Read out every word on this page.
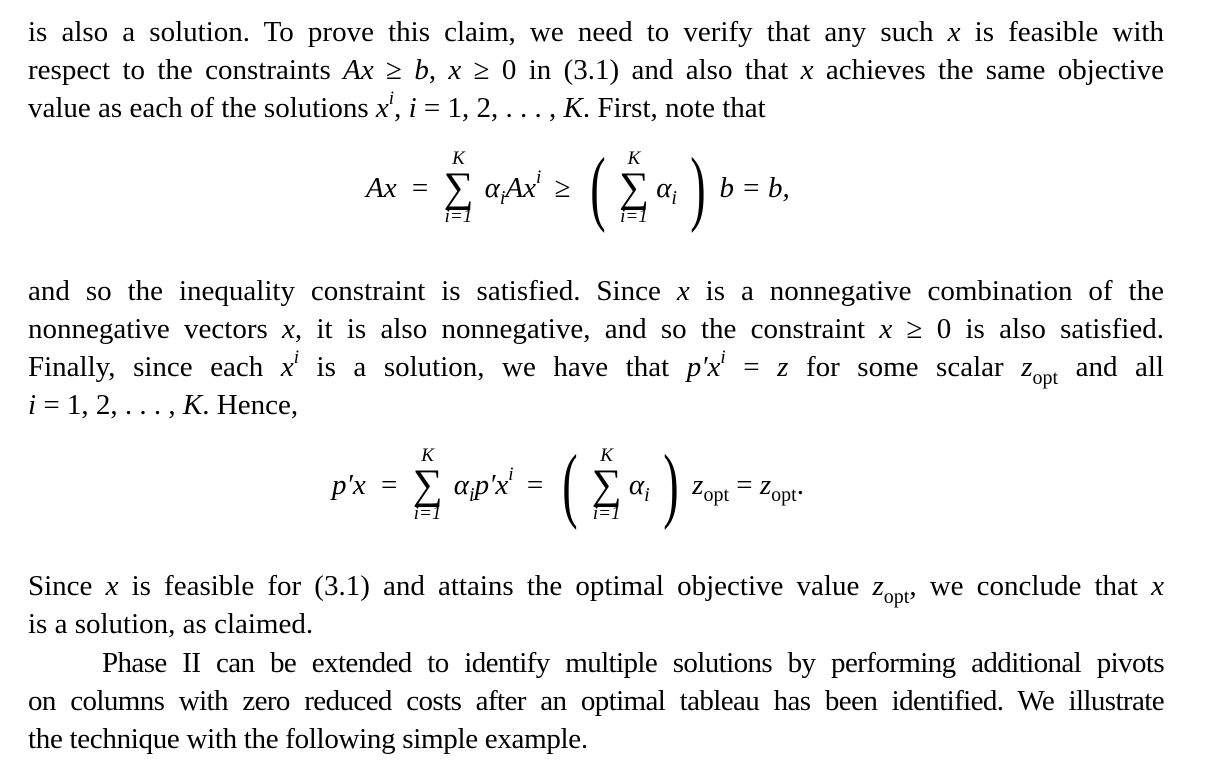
is also a solution. To prove this claim, we need to verify that any such x is feasible with
respect to the constraints Ax ≥ b, x ≥ 0 in (3.1) and also that x achieves the same objective
value as each of the solutions $x^i$, i = 1, 2, . . . , K. First, note that
Ax =
K
∑
i=1
$\alpha_iAx^i$ ≥ ( K
∑
i=1
$\alpha_i$ ) b = b,
and so the inequality constraint is satisfied. Since x is a nonnegative combination of the
nonnegative vectors x, it is also nonnegative, and so the constraint x ≥ 0 is also satisfied.
Finally, since each $x^i$ is a solution, we have that $p'x^i = z$ for some scalar $z_{opt}$ and all
i = 1, 2, . . . , K. Hence,
p′x =
K
∑
i=1
$\alpha_ip'x^i$ = ( K
∑
i=1
$\alpha_i$ ) $z_{opt} = z_{opt}$.
Since x is feasible for (3.1) and attains the optimal objective value $z_{opt}$, we conclude that x
is a solution, as claimed.
Phase II can be extended to identify multiple solutions by performing additional pivots
on columns with zero reduced costs after an optimal tableau has been identified. We illustrate
the technique with the following simple example.
